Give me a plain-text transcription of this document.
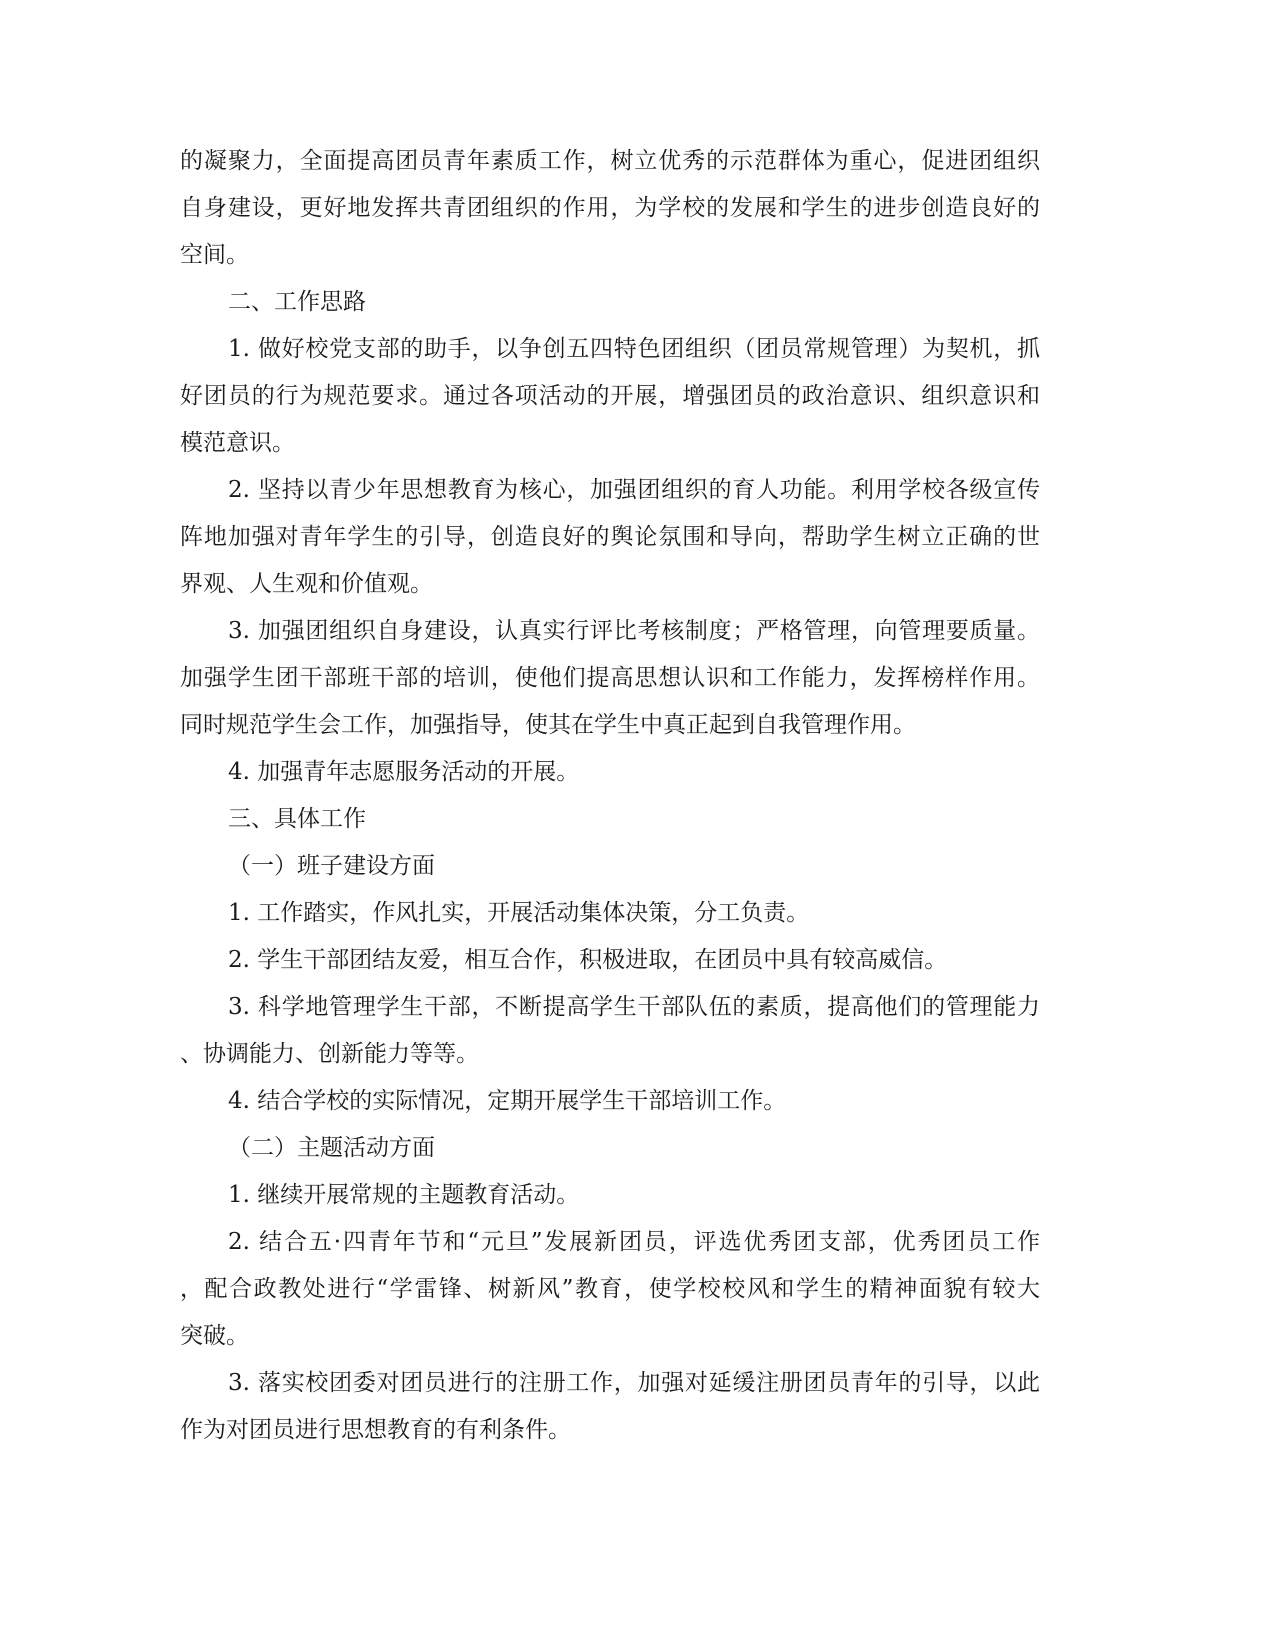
的凝聚力，全面提高团员青年素质工作，树立优秀的示范群体为重心，促进团组织
自身建设，更好地发挥共青团组织的作用，为学校的发展和学生的进步创造良好的
空间。
二、工作思路
1. 做好校党支部的助手，以争创五四特色团组织（团员常规管理）为契机，抓
好团员的行为规范要求。通过各项活动的开展，增强团员的政治意识、组织意识和
模范意识。
2. 坚持以青少年思想教育为核心，加强团组织的育人功能。利用学校各级宣传
阵地加强对青年学生的引导，创造良好的舆论氛围和导向，帮助学生树立正确的世
界观、人生观和价值观。
3. 加强团组织自身建设，认真实行评比考核制度；严格管理，向管理要质量。
加强学生团干部班干部的培训，使他们提高思想认识和工作能力，发挥榜样作用。
同时规范学生会工作，加强指导，使其在学生中真正起到自我管理作用。
4. 加强青年志愿服务活动的开展。
三、具体工作
（一）班子建设方面
1. 工作踏实，作风扎实，开展活动集体决策，分工负责。
2. 学生干部团结友爱，相互合作，积极进取，在团员中具有较高威信。
3. 科学地管理学生干部，不断提高学生干部队伍的素质，提高他们的管理能力
、协调能力、创新能力等等。
4. 结合学校的实际情况，定期开展学生干部培训工作。
（二）主题活动方面
1. 继续开展常规的主题教育活动。
2. 结合五·四青年节和“元旦”发展新团员，评选优秀团支部，优秀团员工作
，配合政教处进行“学雷锋、树新风”教育，使学校校风和学生的精神面貌有较大
突破。
3. 落实校团委对团员进行的注册工作，加强对延缓注册团员青年的引导，以此
作为对团员进行思想教育的有利条件。
